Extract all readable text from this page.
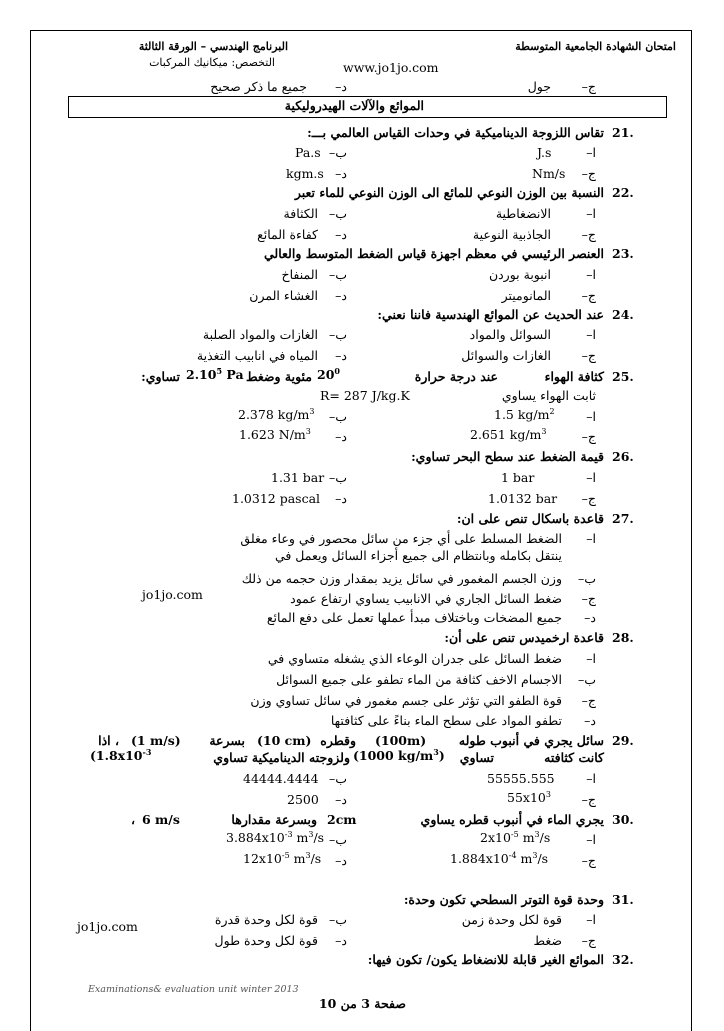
امتحان الشهادة الجامعية المتوسطة
البرنامج الهندسي – الورقة الثالثة
التخصص: ميكانيك المركبات	www.jo1jo.com
ج–
جول
د–
جميع ما ذكر صحيح
الموائع والآلات الهيدروليكية
21.
تقاس اللزوجة الديناميكية في وحدات القياس العالمي بـــ:
ا–
J.s
ب–
Pa.s
ج–
Nm/s
د–
kgm.s
22.
النسبة بين الوزن النوعي للمائع الى الوزن النوعي للماء تعبر
ا–
الانضغاطية
ب–
الكثافة
ج–
الجاذبية النوعية
د–
كفاءة المائع
23.
العنصر الرئيسي في معظم اجهزة قياس الضغط المتوسط والعالي
ا–
انبوبة بوردن
ب–
المنفاخ
ج–
المانوميتر
د–
الغشاء المرن
24.
عند الحديث عن الموائع الهندسية فاننا نعني:
ا–
السوائل والمواد
ب–
الغازات والمواد الصلبة
ج–
الغازات والسوائل
د–
المياه في انابيب التغذية
25.
كثافة الهواء
عند درجة حرارة
$20^0$
مئوية وضغط
2.10$^5$ Pa
تساوي:
ثابت الهواء يساوي
R= 287 J/kg.K
ا–
1.5 $kg/m^2$
ب–
2.378 $kg/m^3$
ج–
2.651 $kg/m^3$
د–
1.623 $N/m^3$
26.
قيمة الضغط عند سطح البحر تساوي:
ا–
1 bar
ب–
1.31 bar
ج–
1.0132 bar
د–
1.0312 pascal
27.
قاعدة باسكال تنص على ان:
ا–
الضغط المسلط على أي جزء من سائل محصور في وعاء مغلق
ينتقل بكامله وبانتظام الى جميع أجزاء السائل ويعمل في
ب–
وزن الجسم المغمور في سائل يزيد بمقدار وزن حجمه من ذلك
jo1jo.com	ج–
ضغط السائل الجاري في الانابيب يساوي ارتفاع عمود
د–
جميع المضخات وباختلاف مبدأ عملها تعمل على دفع المائع
28.
قاعدة ارخميدس تنص على أن:
ا–
ضغط السائل على جدران الوعاء الذي يشغله متساوي في
ب–
الاجسام الاخف كثافة من الماء تطفو على جميع السوائل
ج–
قوة الطفو التي تؤثر على جسم مغمور في سائل تساوي وزن
د–
تطفو المواد على سطح الماء بناءً على كثافتها
29.
سائل يجري في أنبوب طوله
(100m)
وقطره
(10 cm)
بسرعة
(1 m/s)
، اذا
كانت كثافته
تساوي
(1000 $kg/m^3$)
ولزوجته الديناميكية تساوي
($1.8x10^{-3}$
ا–
55555.555
ب–
44444.4444
ج–
$55x10^3$
د–
2500
30.
يجري الماء في أنبوب قطره يساوي
2cm
وبسرعة مقدارها
6 m/s
،
ا–
$2x10^{-5}$ $m^3/s$
ب–
$3.884x10^{-3}$ $m^3/s$
ج–
$1.884x10^{-4}$ $m^3/s$
د–
$12x10^{-5}$ $m^3/s$
31.
وحدة قوة التوتر السطحي تكون وحدة:
ا–
قوة لكل وحدة زمن
ب–
قوة لكل وحدة قدرة
jo1jo.com
ج–
ضغط
د–
قوة لكل وحدة طول
32.
الموائع الغير قابلة للانضغاط يكون/ تكون فيها:
Examinations& evaluation unit winter 2013
صفحة 3 من 10
